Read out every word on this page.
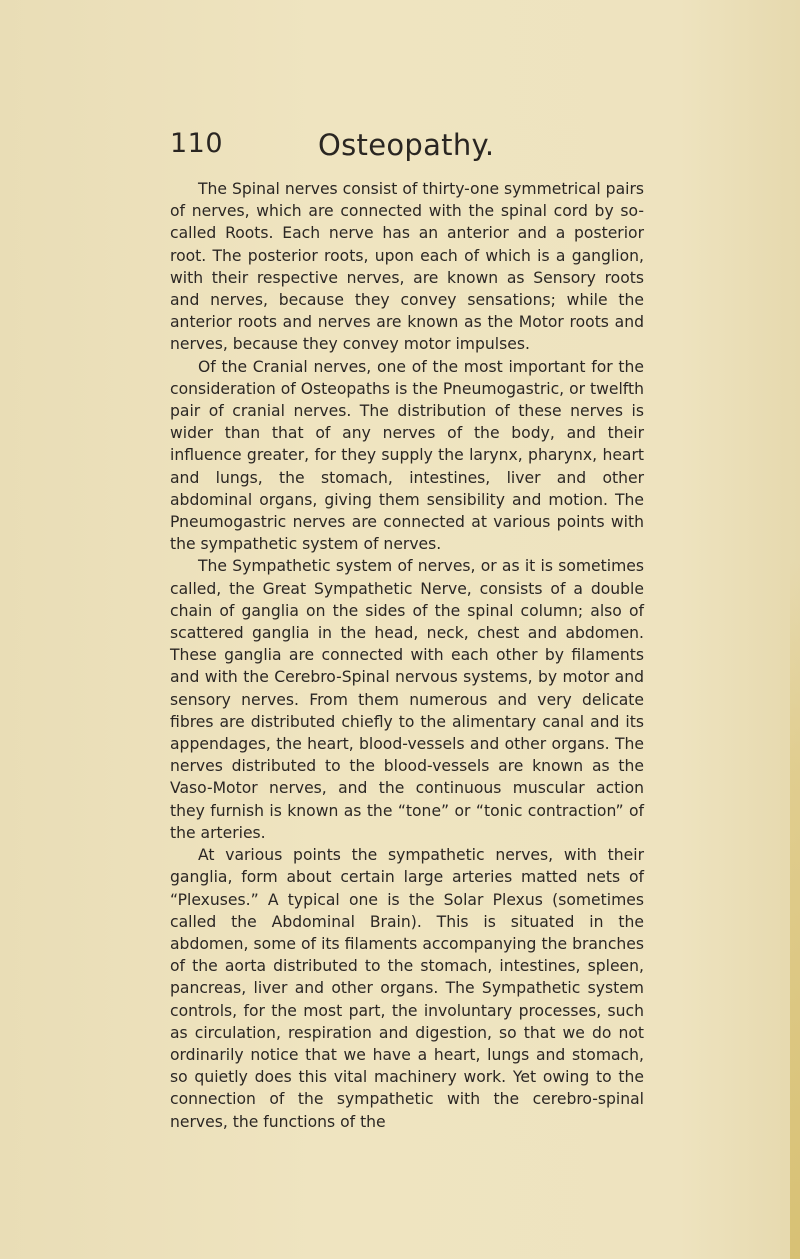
110	Osteopathy.

The Spinal nerves consist of thirty-one symmetrical pairs of nerves, which are connected with the spinal cord by so-called Roots. Each nerve has an anterior and a posterior root. The posterior roots, upon each of which is a ganglion, with their respective nerves, are known as Sensory roots and nerves, because they convey sensations; while the anterior roots and nerves are known as the Motor roots and nerves, because they convey motor impulses.

Of the Cranial nerves, one of the most important for the consideration of Osteopaths is the Pneumogastric, or twelfth pair of cranial nerves. The distribution of these nerves is wider than that of any nerves of the body, and their influence greater, for they supply the larynx, pharynx, heart and lungs, the stomach, intestines, liver and other abdominal organs, giving them sensibility and motion. The Pneumogastric nerves are connected at various points with the sympathetic system of nerves.

The Sympathetic system of nerves, or as it is sometimes called, the Great Sympathetic Nerve, consists of a double chain of ganglia on the sides of the spinal column; also of scattered ganglia in the head, neck, chest and abdomen. These ganglia are connected with each other by filaments and with the Cerebro-Spinal nervous systems, by motor and sensory nerves. From them numerous and very delicate fibres are distributed chiefly to the alimentary canal and its appendages, the heart, blood-vessels and other organs. The nerves distributed to the blood-vessels are known as the Vaso-Motor nerves, and the continuous muscular action they furnish is known as the “tone” or “tonic contraction” of the arteries.

At various points the sympathetic nerves, with their ganglia, form about certain large arteries matted nets of “Plexuses.” A typical one is the Solar Plexus (sometimes called the Abdominal Brain). This is situated in the abdomen, some of its filaments accompanying the branches of the aorta distributed to the stomach, intestines, spleen, pancreas, liver and other organs. The Sympathetic system controls, for the most part, the involuntary processes, such as circulation, respiration and digestion, so that we do not ordinarily notice that we have a heart, lungs and stomach, so quietly does this vital machinery work. Yet owing to the connection of the sympathetic with the cerebro-spinal nerves, the functions of the
